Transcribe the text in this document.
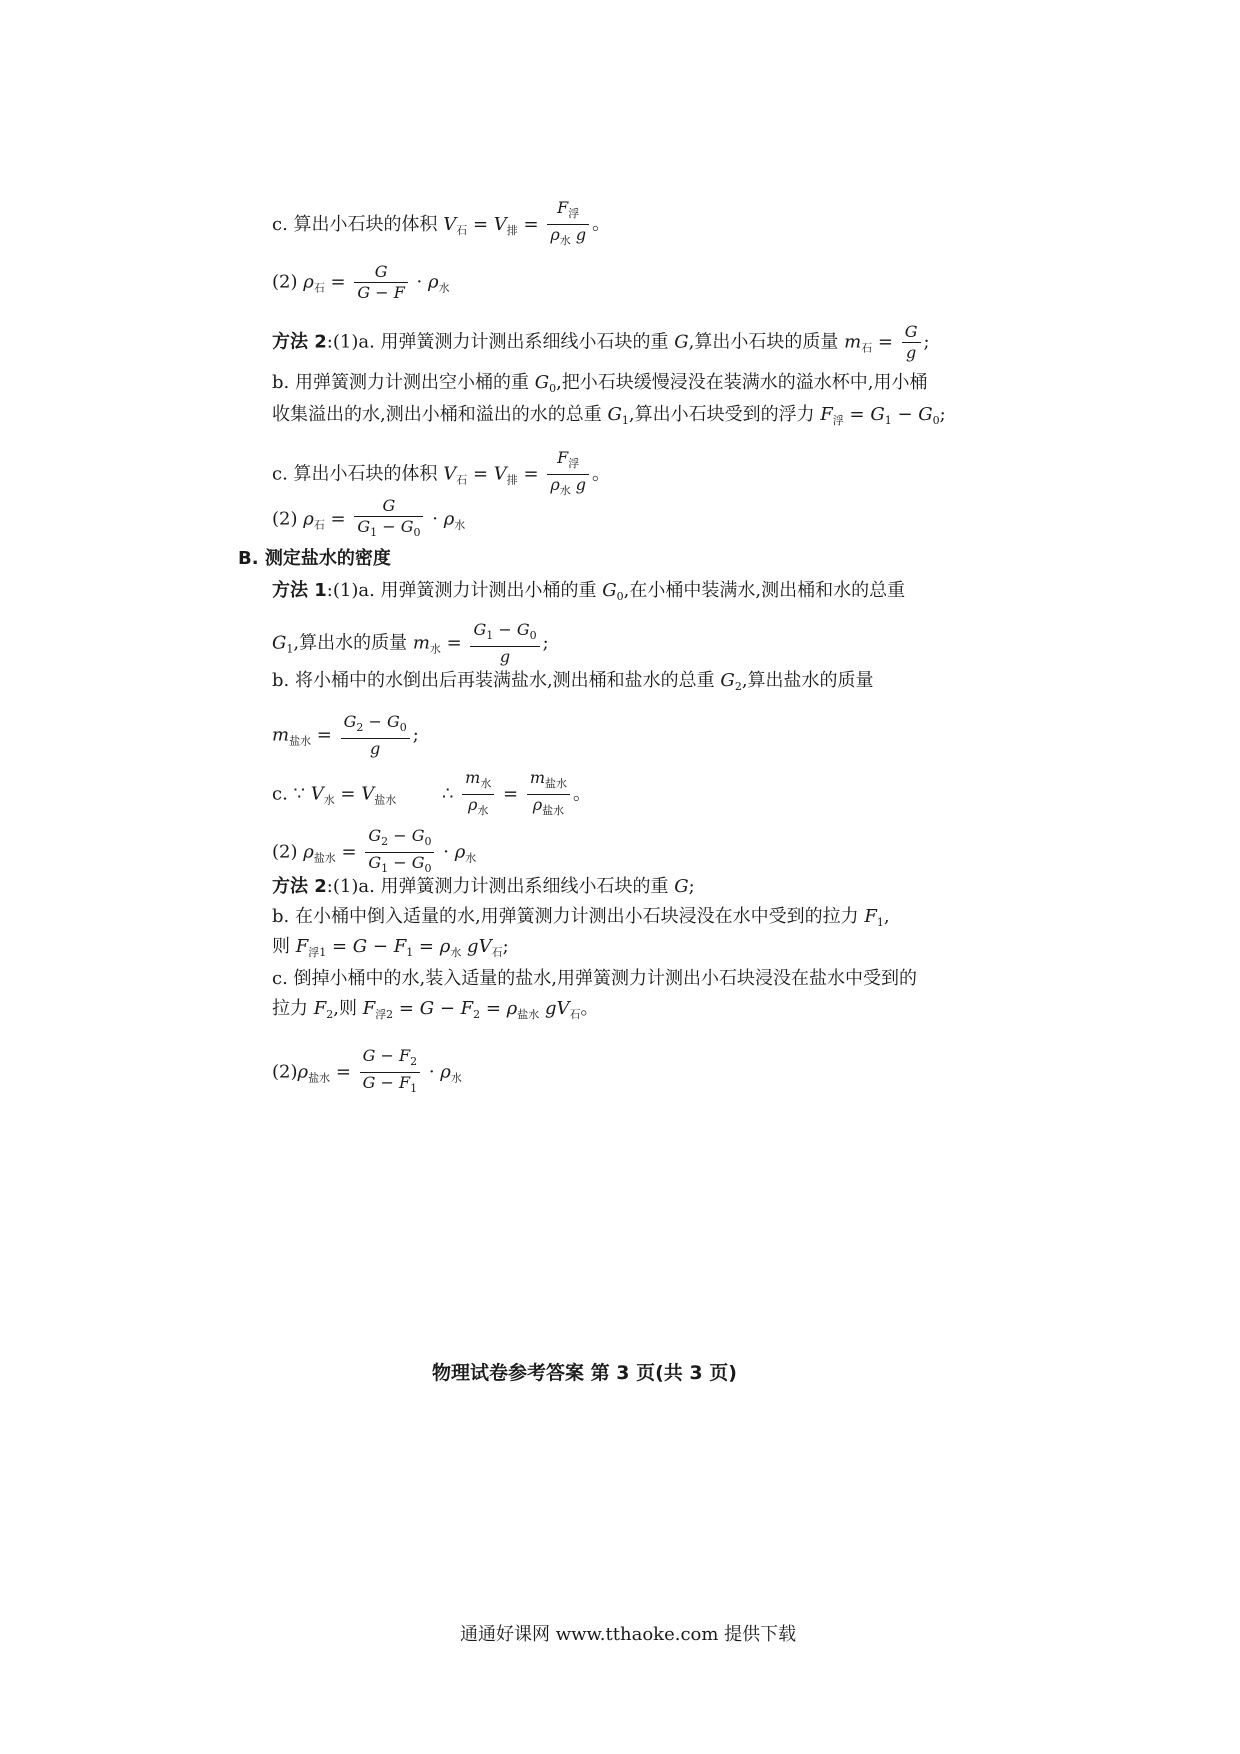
c. 算出小石块的体积 $V_石 = V_排 = \frac{F_浮}{\rho_水 g}$ 。
(2) $\rho_石 = \frac{G}{G - F} \cdot \rho_水$
方法 2:(1)a. 用弹簧测力计测出系细线小石块的重 G,算出小石块的质量 $m_石 = \frac{G}{g}$ ;
b. 用弹簧测力计测出空小桶的重 $G_0$,把小石块缓慢浸没在装满水的溢水杯中,用小桶
收集溢出的水,测出小桶和溢出的水的总重 $G_1$,算出小石块受到的浮力 $F_浮 = G_1 - G_0$;
c. 算出小石块的体积 $V_石 = V_排 = \frac{F_浮}{\rho_水 g}$ 。
(2) $\rho_石 = \frac{G}{G_1 - G_0} \cdot \rho_水$
B. 测定盐水的密度
方法 1:(1)a. 用弹簧测力计测出小桶的重 $G_0$,在小桶中装满水,测出桶和水的总重
$G_1$,算出水的质量 $m_水 = \frac{G_1 - G_0}{g}$ ;
b. 将小桶中的水倒出后再装满盐水,测出桶和盐水的总重 $G_2$,算出盐水的质量
$m_{盐水} = \frac{G_2 - G_0}{g}$ ;
c. ∵ $V_水 = V_{盐水}$	∴ $\frac{m_水}{\rho_水} = \frac{m_{盐水}}{\rho_{盐水}}$ 。
(2) $\rho_{盐水} = \frac{G_2 - G_0}{G_1 - G_0} \cdot \rho_水$
方法 2:(1)a. 用弹簧测力计测出系细线小石块的重 G;
b. 在小桶中倒入适量的水,用弹簧测力计测出小石块浸没在水中受到的拉力 $F_1$,
则 $F_{浮1} = G - F_1 = \rho_水$ $gV_石$;
c. 倒掉小桶中的水,装入适量的盐水,用弹簧测力计测出小石块浸没在盐水中受到的
拉力 $F_2$,则 $F_{浮2} = G - F_2 = \rho_{盐水}$ $gV_石$。
$(2)\rho_{盐水} = \frac{G - F_2}{G - F_1} \cdot \rho_水$
物理试卷参考答案 第 3 页(共 3 页)
通通好课网 www.tthaoke.com 提供下载
